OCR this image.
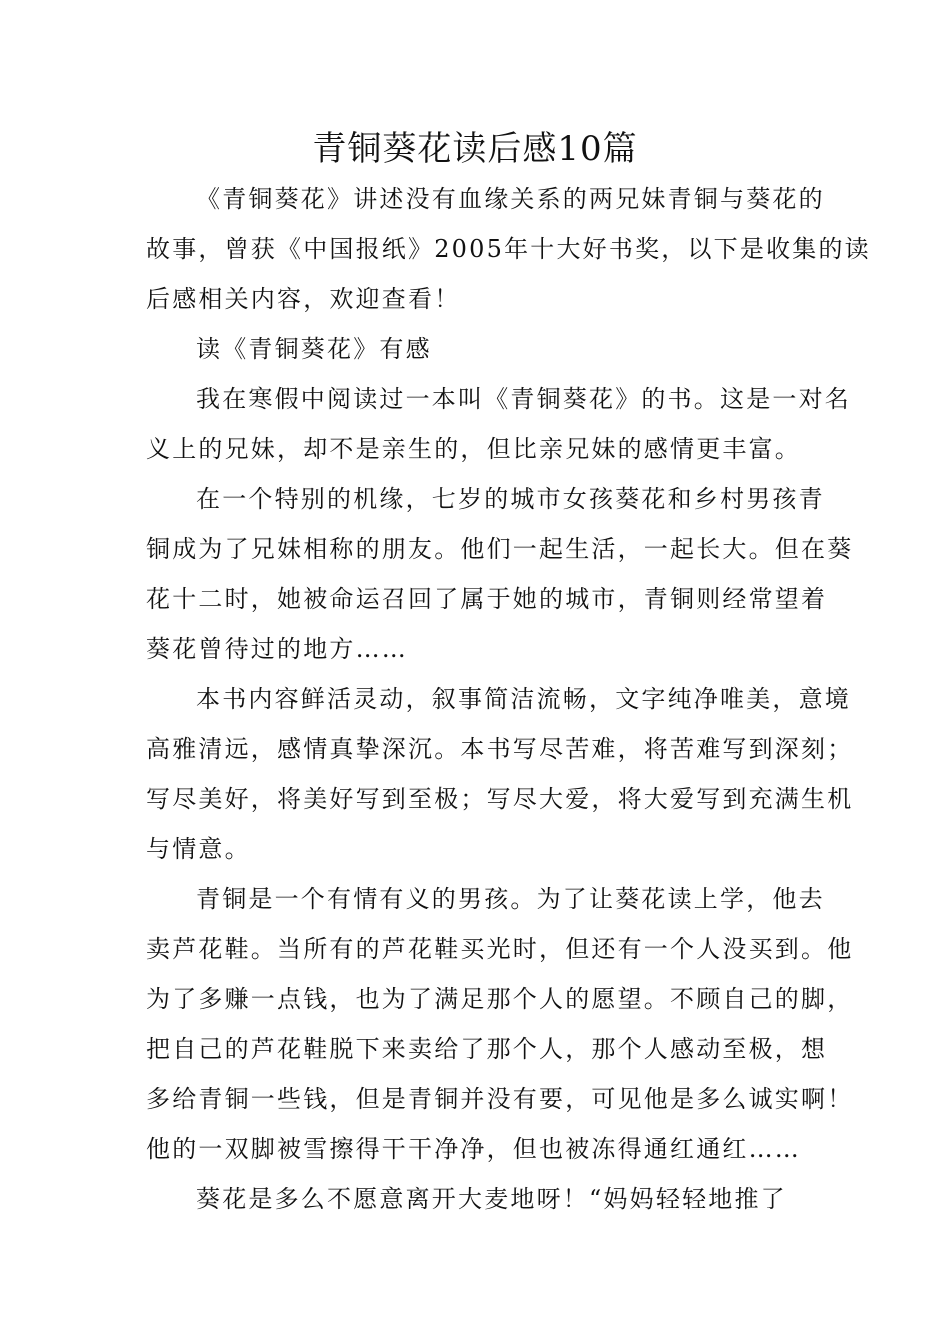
青铜葵花读后感10篇
《青铜葵花》讲述没有血缘关系的两兄妹青铜与葵花的
故事，曾获《中国报纸》2005年十大好书奖，以下是收集的读
后感相关内容，欢迎查看！
读《青铜葵花》有感
我在寒假中阅读过一本叫《青铜葵花》的书。这是一对名
义上的兄妹，却不是亲生的，但比亲兄妹的感情更丰富。
在一个特别的机缘，七岁的城市女孩葵花和乡村男孩青
铜成为了兄妹相称的朋友。他们一起生活，一起长大。但在葵
花十二时，她被命运召回了属于她的城市，青铜则经常望着
葵花曾待过的地方……
本书内容鲜活灵动，叙事简洁流畅，文字纯净唯美，意境
高雅清远，感情真挚深沉。本书写尽苦难，将苦难写到深刻；
写尽美好，将美好写到至极；写尽大爱，将大爱写到充满生机
与情意。
青铜是一个有情有义的男孩。为了让葵花读上学，他去
卖芦花鞋。当所有的芦花鞋买光时，但还有一个人没买到。他
为了多赚一点钱，也为了满足那个人的愿望。不顾自己的脚，
把自己的芦花鞋脱下来卖给了那个人，那个人感动至极，想
多给青铜一些钱，但是青铜并没有要，可见他是多么诚实啊！
他的一双脚被雪擦得干干净净，但也被冻得通红通红……
葵花是多么不愿意离开大麦地呀！“妈妈轻轻地推了
